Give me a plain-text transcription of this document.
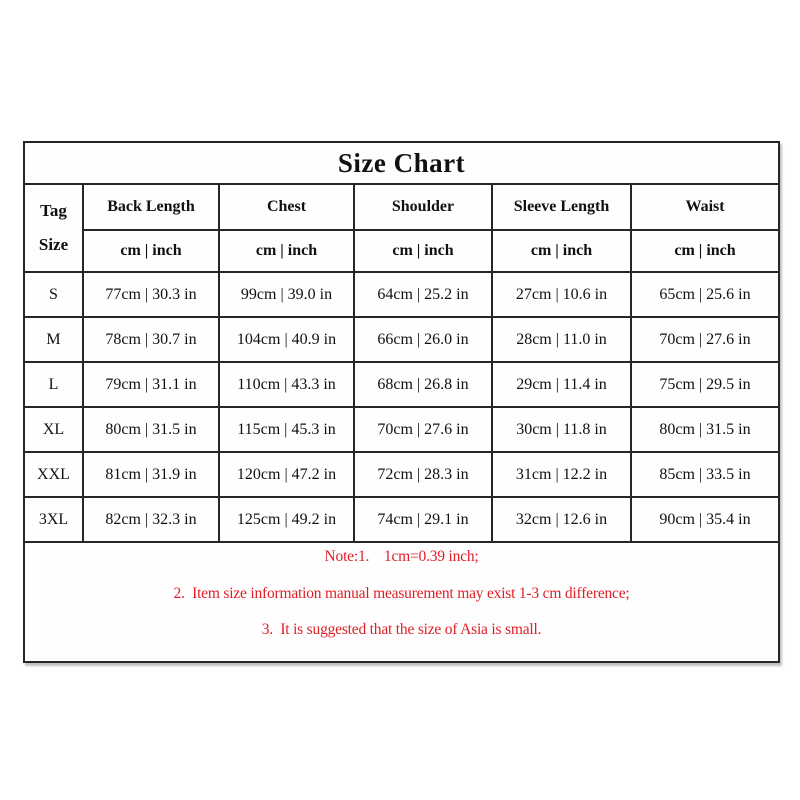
Size Chart					

Tag
Size	Back Length	Chest	Shoulder	Sleeve Length	Waist
	cm | inch	cm | inch	cm | inch	cm | inch	cm | inch
S	77cm | 30.3 in	99cm | 39.0 in	64cm | 25.2 in	27cm | 10.6 in	65cm | 25.6 in
M	78cm | 30.7 in	104cm | 40.9 in	66cm | 26.0 in	28cm | 11.0 in	70cm | 27.6 in
L	79cm | 31.1 in	110cm | 43.3 in	68cm | 26.8 in	29cm | 11.4 in	75cm | 29.5 in
XL	80cm | 31.5 in	115cm | 45.3 in	70cm | 27.6 in	30cm | 11.8 in	80cm | 31.5 in
XXL	81cm | 31.9 in	120cm | 47.2 in	72cm | 28.3 in	31cm | 12.2 in	85cm | 33.5 in
3XL	82cm | 32.3 in	125cm | 49.2 in	74cm | 29.1 in	32cm | 12.6 in	90cm | 35.4 in

Note:1.    1cm=0.39 inch;

2.  Item size information manual measurement may exist 1-3 cm difference;

3.  It is suggested that the size of Asia is small.					
